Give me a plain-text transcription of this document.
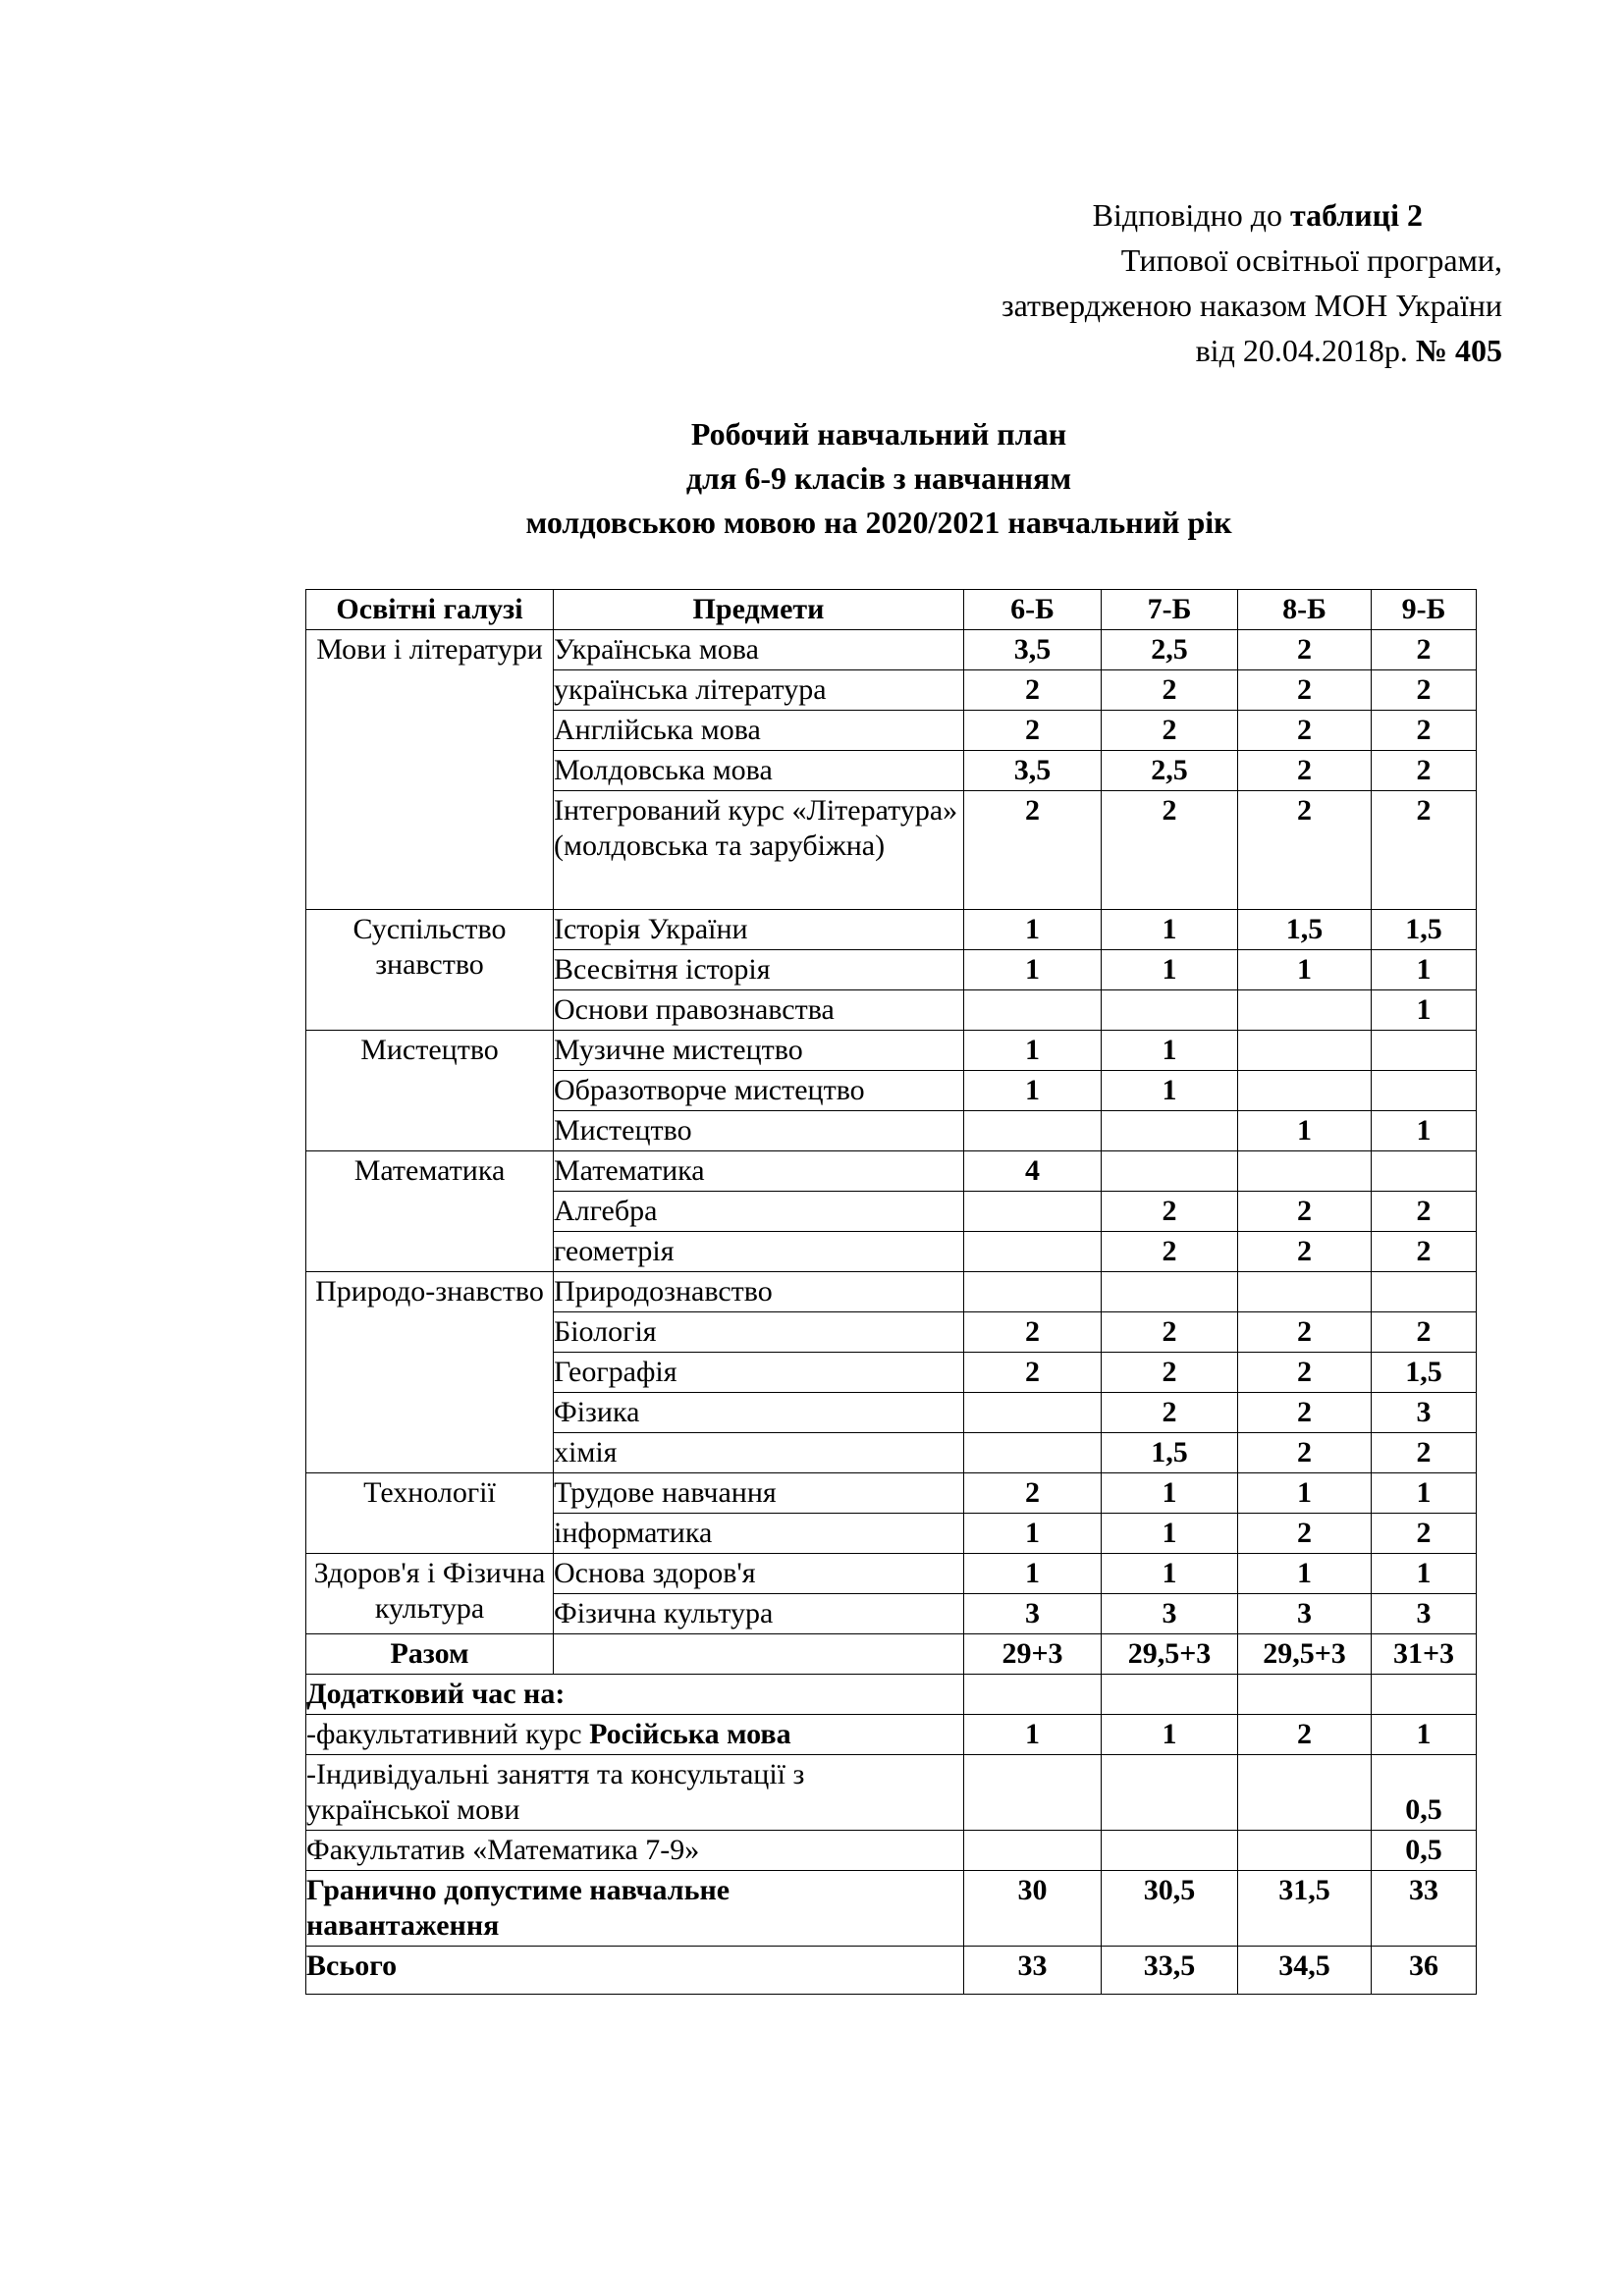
Відповідно до таблиці 2
Типової освітньої програми,
затвердженою наказом МОН України
від 20.04.2018р. № 405
Робочий навчальний план
для 6-9 класів з навчанням
молдовською мовою на 2020/2021 навчальний рік
Освітні галузі	Предмети	6-Б	7-Б	8-Б	9-Б
Мови і літератури	Українська мова	3,5	2,5	2	2
	українська література	2	2	2	2
	Англійська мова	2	2	2	2
	Молдовська мова	3,5	2,5	2	2
	Інтегрований курс «Література» (молдовська та зарубіжна)	2	2	2	2
Суспільство знавство	Історія України	1	1	1,5	1,5
	Всесвітня історія	1	1	1	1
	Основи правознавства				1
Мистецтво	Музичне мистецтво	1	1		
	Образотворче мистецтво	1	1		
	Мистецтво			1	1
Математика	Математика	4			
	Алгебра		2	2	2
	геометрія		2	2	2
Природо-знавство	Природознавство				
	Біологія	2	2	2	2
	Географія	2	2	2	1,5
	Фізика		2	2	3
	хімія		1,5	2	2
Технології	Трудове навчання	2	1	1	1
	інформатика	1	1	2	2
Здоров'я і Фізична культура	Основа здоров'я	1	1	1	1
	Фізична культура	3	3	3	3
Разом		29+3	29,5+3	29,5+3	31+3
Додатковий час на:					
-факультативний курс Російська мова		1	1	2	1
-Індивідуальні заняття та консультації з української мови					0,5
Факультатив «Математика 7-9»					0,5
Гранично допустиме навчальне навантаження		30	30,5	31,5	33
Всього		33	33,5	34,5	36
